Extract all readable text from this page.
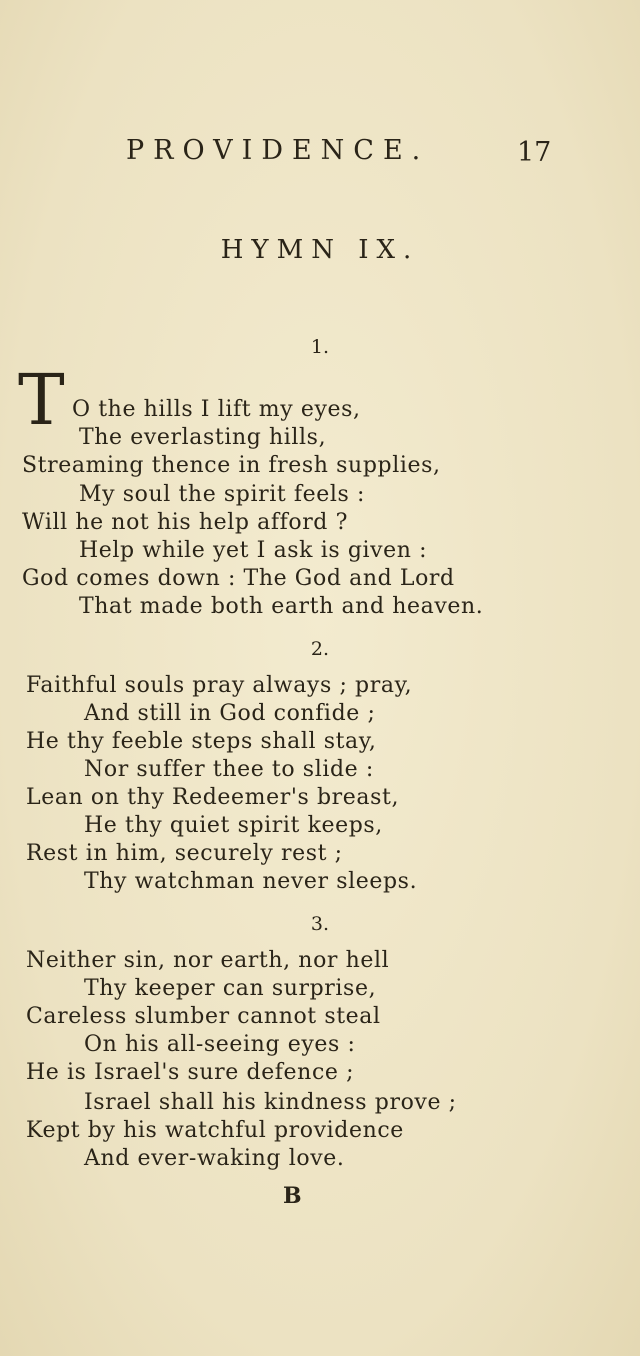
PROVIDENCE.	17
HYMN IX.
1.
T O the hills I lift my eyes,
The everlasting hills,
Streaming thence in fresh supplies,
My soul the spirit feels :
Will he not his help afford ?
Help while yet I ask is given :
God comes down : The God and Lord
That made both earth and heaven.
2.
Faithful souls pray always ; pray,
And still in God confide ;
He thy feeble steps shall stay,
Nor suffer thee to slide :
Lean on thy Redeemer's breast,
He thy quiet spirit keeps,
Rest in him, securely rest ;
Thy watchman never sleeps.
3.
Neither sin, nor earth, nor hell
Thy keeper can surprise,
Careless slumber cannot steal
On his all-seeing eyes :
He is Israel's sure defence ;
Israel shall his kindness prove ;
Kept by his watchful providence
And ever-waking love.
B
